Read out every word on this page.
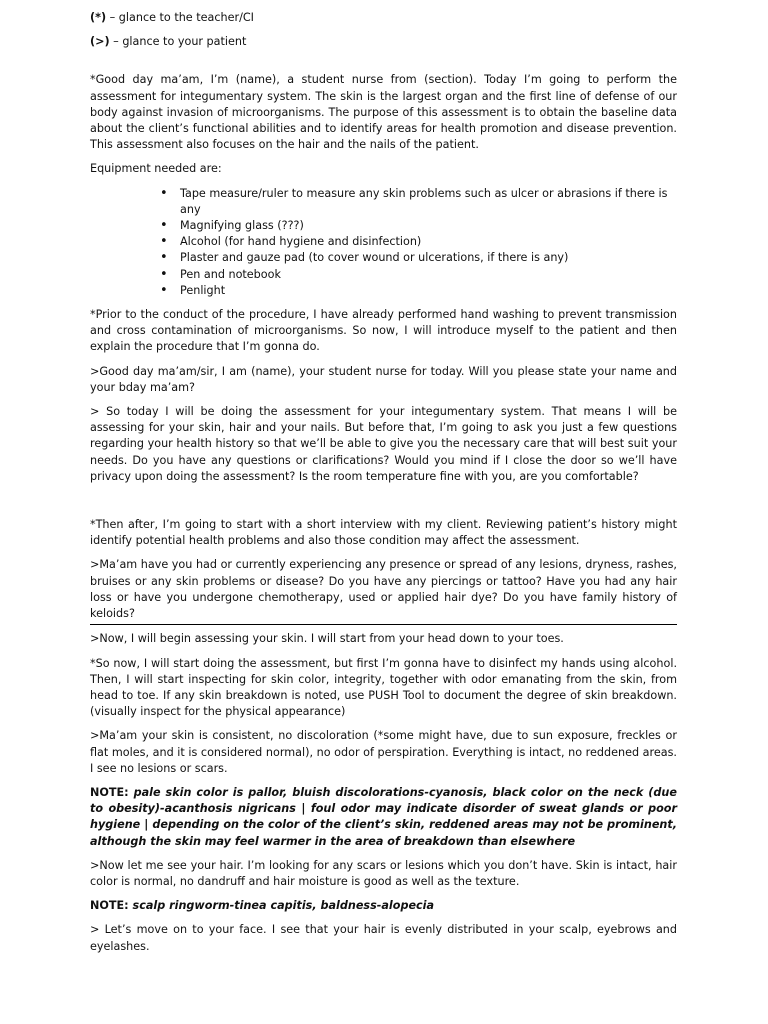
(*) – glance to the teacher/CI

(>) – glance to your patient

*Good day ma’am, I’m (name), a student nurse from (section). Today I’m going to perform the assessment for integumentary system. The skin is the largest organ and the first line of defense of our body against invasion of microorganisms. The purpose of this assessment is to obtain the baseline data about the client’s functional abilities and to identify areas for health promotion and disease prevention. This assessment also focuses on the hair and the nails of the patient.

Equipment needed are:

• Tape measure/ruler to measure any skin problems such as ulcer or abrasions if there is any
• Magnifying glass (???)
• Alcohol (for hand hygiene and disinfection)
• Plaster and gauze pad (to cover wound or ulcerations, if there is any)
• Pen and notebook
• Penlight

*Prior to the conduct of the procedure, I have already performed hand washing to prevent transmission and cross contamination of microorganisms. So now, I will introduce myself to the patient and then explain the procedure that I’m gonna do.

>Good day ma’am/sir, I am (name), your student nurse for today. Will you please state your name and your bday ma’am?

> So today I will be doing the assessment for your integumentary system. That means I will be assessing for your skin, hair and your nails. But before that, I’m going to ask you just a few questions regarding your health history so that we’ll be able to give you the necessary care that will best suit your needs. Do you have any questions or clarifications? Would you mind if I close the door so we’ll have privacy upon doing the assessment? Is the room temperature fine with you, are you comfortable?

*Then after, I’m going to start with a short interview with my client. Reviewing patient’s history might identify potential health problems and also those condition may affect the assessment.

>Ma’am have you had or currently experiencing any presence or spread of any lesions, dryness, rashes, bruises or any skin problems or disease? Do you have any piercings or tattoo? Have you had any hair loss or have you undergone chemotherapy, used or applied hair dye? Do you have family history of keloids?

>Now, I will begin assessing your skin. I will start from your head down to your toes.

*So now, I will start doing the assessment, but first I’m gonna have to disinfect my hands using alcohol. Then, I will start inspecting for skin color, integrity, together with odor emanating from the skin, from head to toe. If any skin breakdown is noted, use PUSH Tool to document the degree of skin breakdown. (visually inspect for the physical appearance)

>Ma’am your skin is consistent, no discoloration (*some might have, due to sun exposure, freckles or flat moles, and it is considered normal), no odor of perspiration. Everything is intact, no reddened areas. I see no lesions or scars.

NOTE: pale skin color is pallor, bluish discolorations-cyanosis, black color on the neck (due to obesity)-acanthosis nigricans | foul odor may indicate disorder of sweat glands or poor hygiene | depending on the color of the client’s skin, reddened areas may not be prominent, although the skin may feel warmer in the area of breakdown than elsewhere

>Now let me see your hair. I’m looking for any scars or lesions which you don’t have. Skin is intact, hair color is normal, no dandruff and hair moisture is good as well as the texture.

NOTE: scalp ringworm-tinea capitis, baldness-alopecia

> Let’s move on to your face. I see that your hair is evenly distributed in your scalp, eyebrows and eyelashes.
